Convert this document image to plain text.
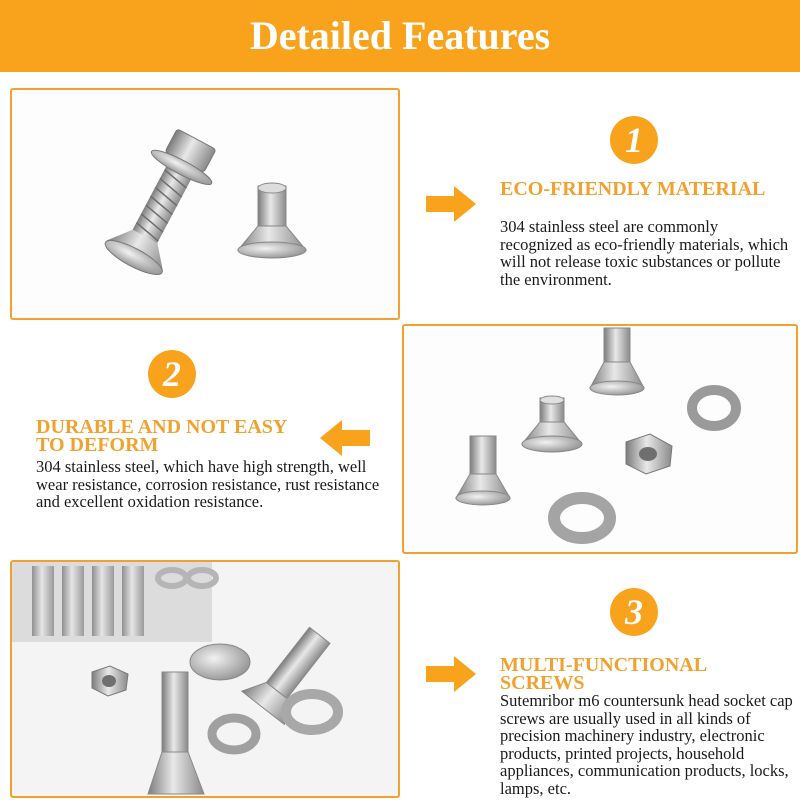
Detailed Features
1
ECO-FRIENDLY MATERIAL
304 stainless steel are commonly recognized as eco-friendly materials, which will not release toxic substances or pollute the environment.
2
DURABLE AND NOT EASY TO DEFORM
304 stainless steel, which have high strength, well wear resistance, corrosion resistance, rust resistance and excellent oxidation resistance.
3
MULTI-FUNCTIONAL SCREWS
Sutemribor m6 countersunk head socket cap screws are usually used in all kinds of precision machinery industry, electronic products, printed projects, household appliances, communication products, locks, lamps, etc.
